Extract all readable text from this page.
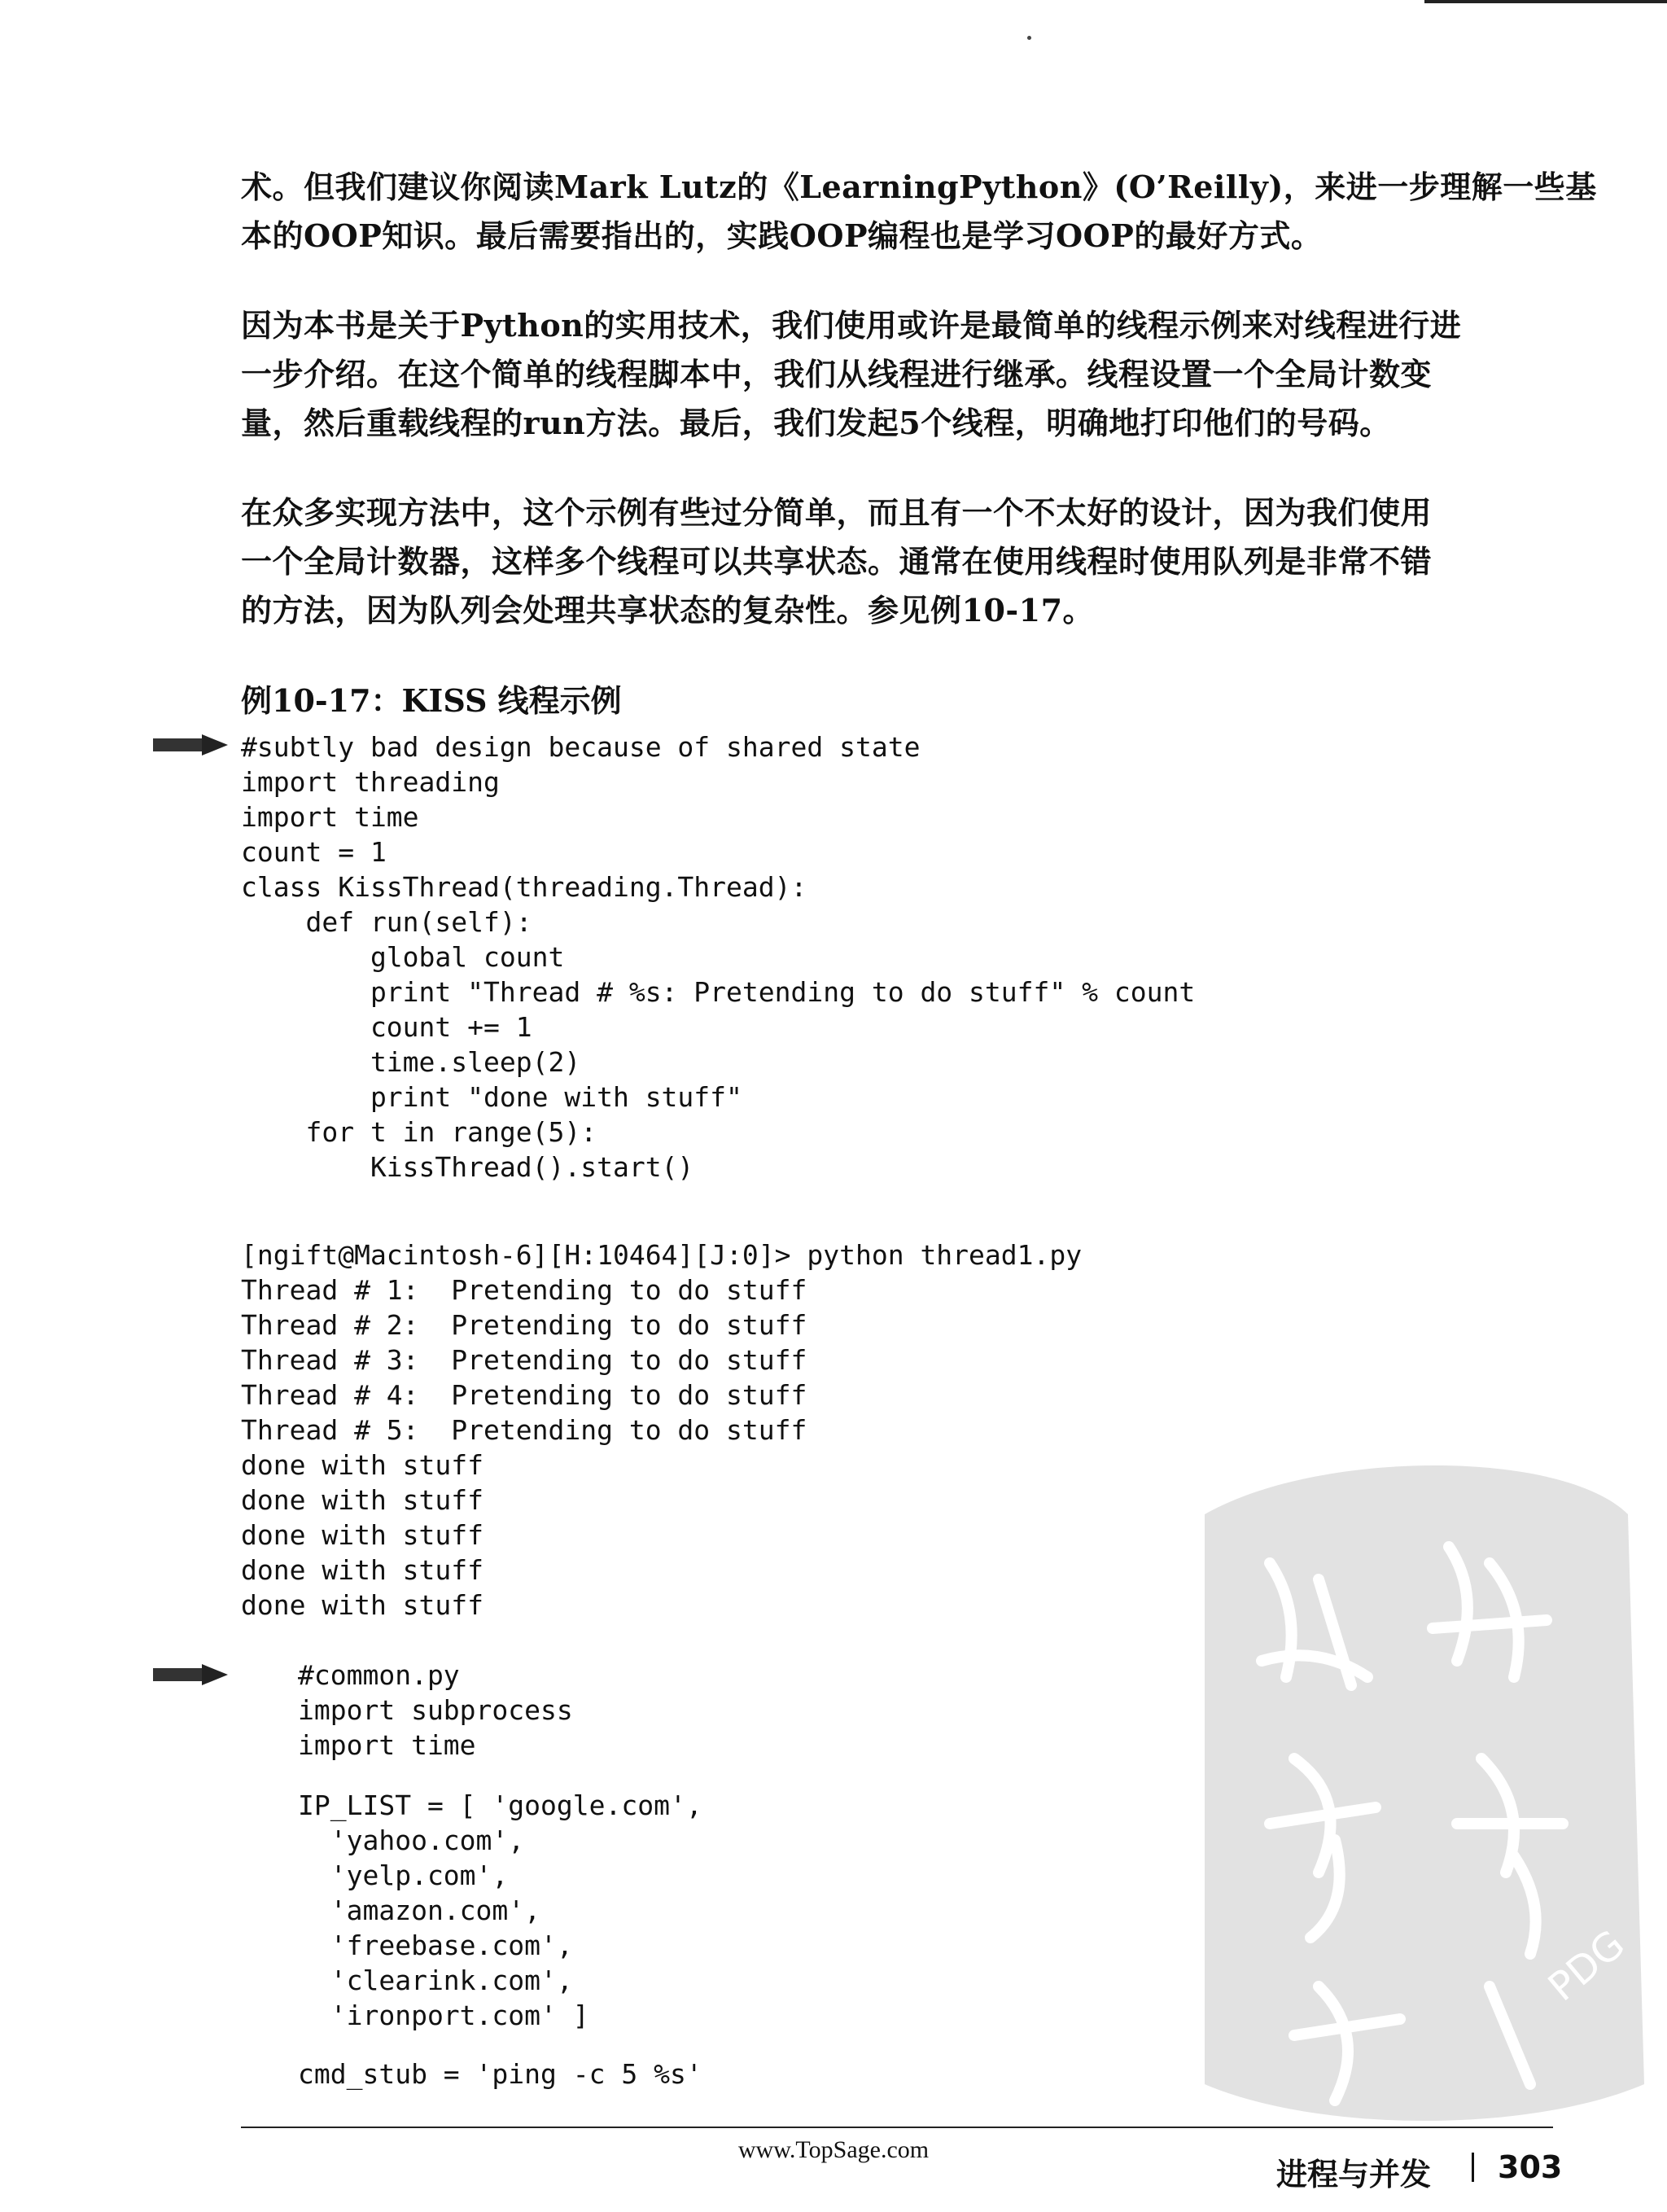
术。但我们建议你阅读Mark Lutz的《LearningPython》(O’Reilly)，来进一步理解一些基
本的OOP知识。最后需要指出的，实践OOP编程也是学习OOP的最好方式。

因为本书是关于Python的实用技术，我们使用或许是最简单的线程示例来对线程进行进
一步介绍。在这个简单的线程脚本中，我们从线程进行继承。线程设置一个全局计数变
量，然后重载线程的run方法。最后，我们发起5个线程，明确地打印他们的号码。

在众多实现方法中，这个示例有些过分简单，而且有一个不太好的设计，因为我们使用
一个全局计数器，这样多个线程可以共享状态。通常在使用线程时使用队列是非常不错
的方法，因为队列会处理共享状态的复杂性。参见例10-17。

例10-17：KISS 线程示例
#subtly bad design because of shared state
import threading
import time
count = 1
class KissThread(threading.Thread):
def run(self):
global count
print "Thread # %s: Pretending to do stuff" % count
count += 1
time.sleep(2)
print "done with stuff"
for t in range(5):
KissThread().start()
[ngift@Macintosh-6][H:10464][J:0]> python thread1.py
Thread # 1:  Pretending to do stuff
Thread # 2:  Pretending to do stuff
Thread # 3:  Pretending to do stuff
Thread # 4:  Pretending to do stuff
Thread # 5:  Pretending to do stuff
done with stuff
done with stuff
done with stuff
done with stuff
done with stuff
#common.py
import subprocess
import time
IP_LIST = [ 'google.com',
'yahoo.com',
'yelp.com',
'amazon.com',
'freebase.com',
'clearink.com',
'ironport.com' ]
cmd_stub = 'ping -c 5 %s'
PDG
www.TopSage.com
进程与并发 303
